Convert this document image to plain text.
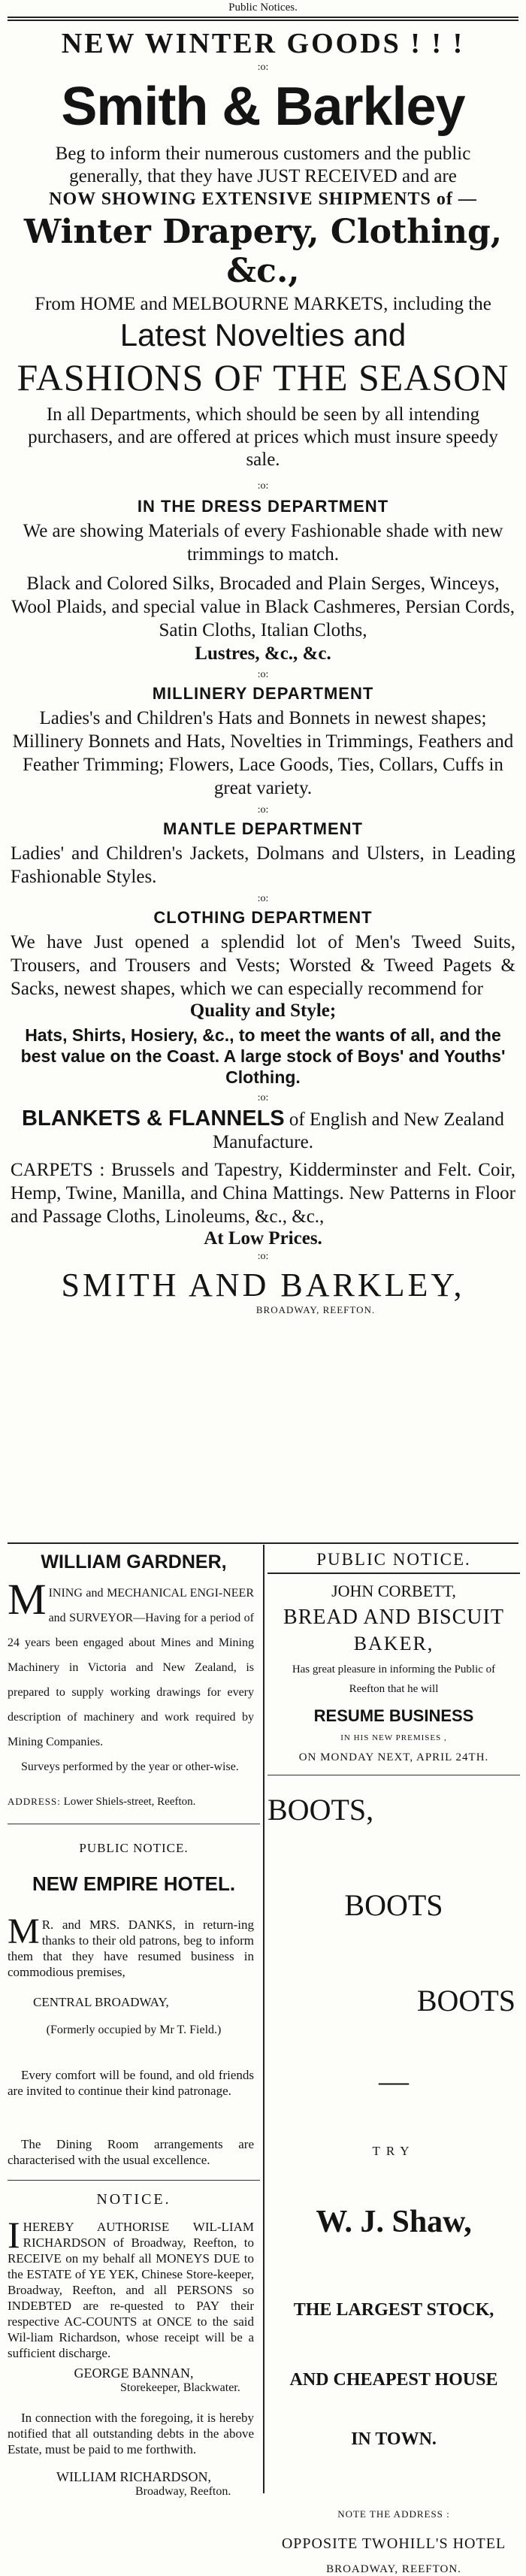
Public Notices.

NEW WINTER GOODS ! ! !

:o:

Smith & Barkley

Beg to inform their numerous customers and the public generally, that they have JUST RECEIVED and are

NOW SHOWING EXTENSIVE SHIPMENTS of —

Winter Drapery, Clothing, &c.,

From HOME and MELBOURNE MARKETS, including the

Latest Novelties and

FASHIONS OF THE SEASON

In all Departments, which should be seen by all intending purchasers, and are offered at prices which must insure speedy sale.

:o:

IN THE DRESS DEPARTMENT

We are showing Materials of every Fashionable shade with new trimmings to match.

Black and Colored Silks, Brocaded and Plain Serges, Winceys, Wool Plaids, and special value in Black Cashmeres, Persian Cords, Satin Cloths, Italian Cloths,

Lustres, &c., &c.

:o:

MILLINERY DEPARTMENT

Ladies's and Children's Hats and Bonnets in newest shapes; Millinery Bonnets and Hats, Novelties in Trimmings, Feathers and Feather Trimming; Flowers, Lace Goods, Ties, Collars, Cuffs in great variety.

:o:

MANTLE DEPARTMENT

Ladies' and Children's Jackets, Dolmans and Ulsters, in Leading Fashionable Styles.

:o:

CLOTHING DEPARTMENT

We have Just opened a splendid lot of Men's Tweed Suits, Trousers, and Trousers and Vests; Worsted & Tweed Pagets & Sacks, newest shapes, which we can especially recommend for

Quality and Style;

Hats, Shirts, Hosiery, &c., to meet the wants of all, and the best value on the Coast. A large stock of Boys' and Youths' Clothing.

:o:

BLANKETS & FLANNELS of English and New Zealand Manufacture.

CARPETS : Brussels and Tapestry, Kidderminster and Felt. Coir, Hemp, Twine, Manilla, and China Mattings. New Patterns in Floor and Passage Cloths, Linoleums, &c., &c.,

At Low Prices.

:o:

SMITH AND BARKLEY,

BROADWAY, REEFTON.

WILLIAM GARDNER,

MINING and MECHANICAL ENGI-NEER and SURVEYOR—Having for a period of 24 years been engaged about Mines and Mining Machinery in Victoria and New Zealand, is prepared to supply working drawings for every description of machinery and work required by Mining Companies.

Surveys performed by the year or other-wise.

ADDRESS: Lower Shiels-street, Reefton.

PUBLIC NOTICE.

NEW EMPIRE HOTEL.

M R. and MRS. DANKS, in return-ing thanks to their old patrons, beg to inform them that they have resumed business in commodious premises,

CENTRAL BROADWAY,

(Formerly occupied by Mr T. Field.)

Every comfort will be found, and old friends are invited to continue their kind patronage.

The Dining Room arrangements are characterised with the usual excellence.

NOTICE.

IHEREBY AUTHORISE WIL-LIAM RICHARDSON of Broadway, Reefton, to RECEIVE on my behalf all MONEYS DUE to the ESTATE of YE YEK, Chinese Store-keeper, Broadway, Reefton, and all PERSONS so INDEBTED are re-quested to PAY their respective AC-COUNTS at ONCE to the said Wil-liam Richardson, whose receipt will be a sufficient discharge.

GEORGE BANNAN,

Storekeeper, Blackwater.

In connection with the foregoing, it is hereby notified that all outstanding debts in the above Estate, must be paid to me forthwith.

WILLIAM RICHARDSON,

Broadway, Reefton.

PUBLIC NOTICE.

JOHN CORBETT,

BREAD AND BISCUIT

BAKER,

Has great pleasure in informing the Public of Reefton that he will

RESUME BUSINESS

IN HIS NEW PREMISES ,

ON MONDAY NEXT, APRIL 24TH.

BOOTS,

BOOTS

BOOTS

—

TRY

W. J. Shaw,

THE LARGEST STOCK,

AND CHEAPEST HOUSE

IN TOWN.

NOTE THE ADDRESS :

OPPOSITE TWOHILL'S HOTEL

BROADWAY, REEFTON.
